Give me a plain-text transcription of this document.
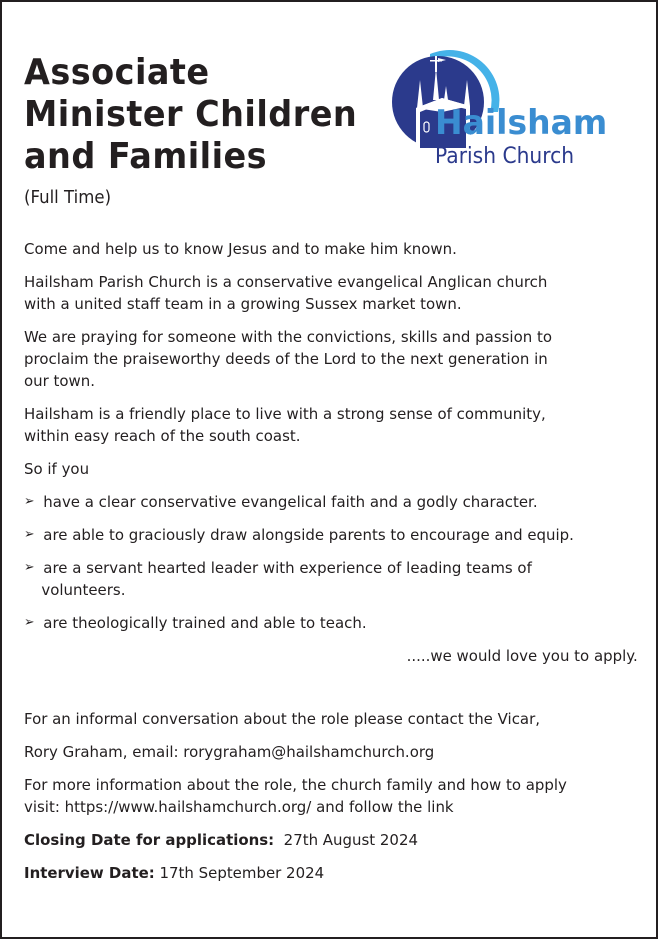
Associate
Minister Children
and Families
(Full Time)
Hailsham
Parish Church

Come and help us to know Jesus and to make him known.

Hailsham Parish Church is a conservative evangelical Anglican church
with a united staff team in a growing Sussex market town.

We are praying for someone with the convictions, skills and passion to
proclaim the praiseworthy deeds of the Lord to the next generation in
our town.

Hailsham is a friendly place to live with a strong sense of community,
within easy reach of the south coast.

So if you

➢ have a clear conservative evangelical faith and a godly character.
➢ are able to graciously draw alongside parents to encourage and equip.
➢ are a servant hearted leader with experience of leading teams of
volunteers.
➢ are theologically trained and able to teach.

.....we would love you to apply.

For an informal conversation about the role please contact the Vicar,

Rory Graham, email: rorygraham@hailshamchurch.org

For more information about the role, the church family and how to apply
visit: https://www.hailshamchurch.org/ and follow the link

Closing Date for applications: 27th August 2024

Interview Date: 17th September 2024
